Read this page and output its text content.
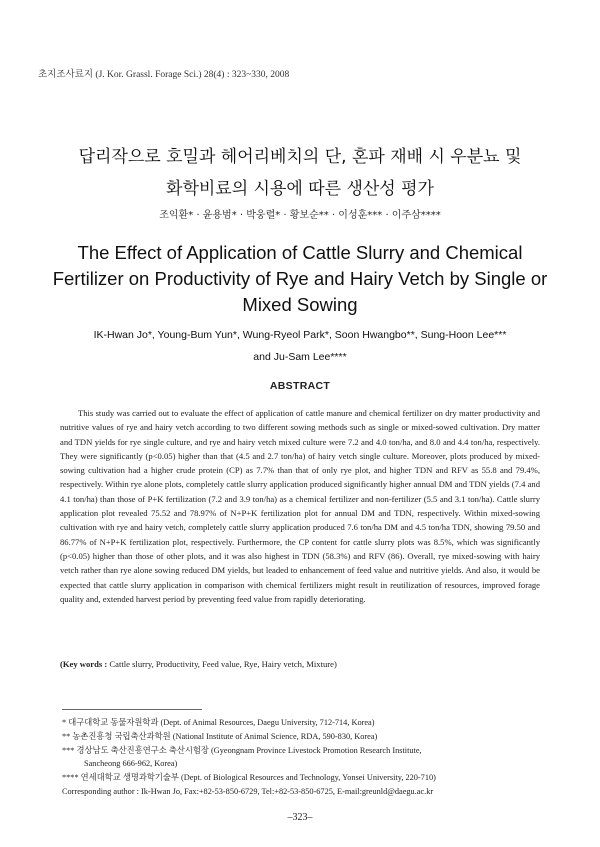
초지조사료지 (J. Kor. Grassl. Forage Sci.) 28(4) : 323~330, 2008
답리작으로 호밀과 헤어리베치의 단, 혼파 재배 시 우분뇨 및
화학비료의 시용에 따른 생산성 평가
조익환* · 윤용범* · 박웅렬* · 황보순** · 이성훈*** · 이주삼****
The Effect of Application of Cattle Slurry and Chemical
Fertilizer on Productivity of Rye and Hairy Vetch by Single or
Mixed Sowing
IK-Hwan Jo*, Young-Bum Yun*, Wung-Ryeol Park*, Soon Hwangbo**, Sung-Hoon Lee***
and Ju-Sam Lee****
ABSTRACT
This study was carried out to evaluate the effect of application of cattle manure and chemical fertilizer on dry matter productivity and nutritive values of rye and hairy vetch according to two different sowing methods such as single or mixed-sowed cultivation. Dry matter and TDN yields for rye single culture, and rye and hairy vetch mixed culture were 7.2 and 4.0 ton/ha, and 8.0 and 4.4 ton/ha, respectively. They were significantly (p<0.05) higher than that (4.5 and 2.7 ton/ha) of hairy vetch single culture. Moreover, plots produced by mixed-sowing cultivation had a higher crude protein (CP) as 7.7% than that of only rye plot, and higher TDN and RFV as 55.8 and 79.4%, respectively. Within rye alone plots, completely cattle slurry application produced significantly higher annual DM and TDN yields (7.4 and 4.1 ton/ha) than those of P+K fertilization (7.2 and 3.9 ton/ha) as a chemical fertilizer and non-fertilizer (5.5 and 3.1 ton/ha). Cattle slurry application plot revealed 75.52 and 78.97% of N+P+K fertilization plot for annual DM and TDN, respectively. Within mixed-sowing cultivation with rye and hairy vetch, completely cattle slurry application produced 7.6 ton/ha DM and 4.5 ton/ha TDN, showing 79.50 and 86.77% of N+P+K fertilization plot, respectively. Furthermore, the CP content for cattle slurry plots was 8.5%, which was significantly (p<0.05) higher than those of other plots, and it was also highest in TDN (58.3%) and RFV (86). Overall, rye mixed-sowing with hairy vetch rather than rye alone sowing reduced DM yields, but leaded to enhancement of feed value and nutritive yields. And also, it would be expected that cattle slurry application in comparison with chemical fertilizers might result in reutilization of resources, improved forage quality and, extended harvest period by preventing feed value from rapidly deteriorating.
(Key words : Cattle slurry, Productivity, Feed value, Rye, Hairy vetch, Mixture)
* 대구대학교 동물자원학과 (Dept. of Animal Resources, Daegu University, 712-714, Korea)
** 농촌진흥청 국립축산과학원 (National Institute of Animal Science, RDA, 590-830, Korea)
*** 경상남도 축산진흥연구소 축산시험장 (Gyeongnam Province Livestock Promotion Research Institute,
Sancheong 666-962, Korea)
**** 연세대학교 생명과학기술부 (Dept. of Biological Resources and Technology, Yonsei University, 220-710)
Corresponding author : Ik-Hwan Jo, Fax:+82-53-850-6729, Tel:+82-53-850-6725, E-mail:greunld@daegu.ac.kr
–323–
